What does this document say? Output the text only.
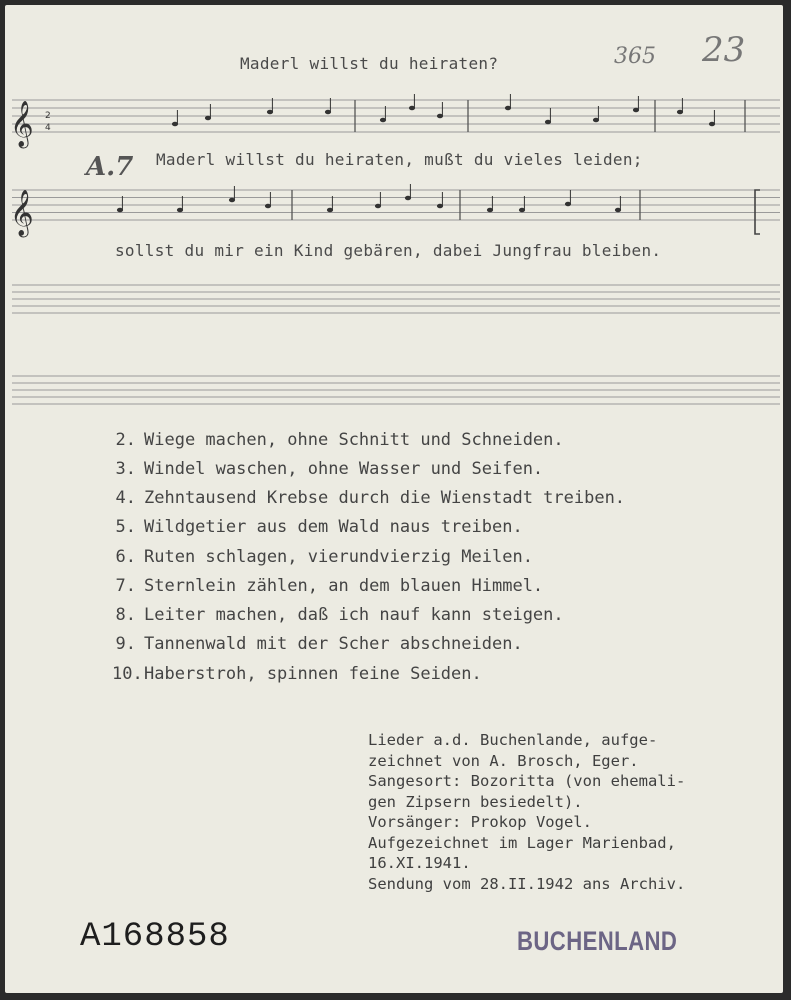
𝄞 2
4
𝄞
Maderl willst du heiraten?	365 23
A.7 Maderl willst du heiraten, mußt du vieles leiden;
sollst du mir ein Kind gebären, dabei Jungfrau bleiben.
2. Wiege machen, ohne Schnitt und Schneiden.
3. Windel waschen, ohne Wasser und Seifen.
4. Zehntausend Krebse durch die Wienstadt treiben.
5. Wildgetier aus dem Wald naus treiben.
6. Ruten schlagen, vierundvierzig Meilen.
7. Sternlein zählen, an dem blauen Himmel.
8. Leiter machen, daß ich nauf kann steigen.
9. Tannenwald mit der Scher abschneiden.
10.Haberstroh, spinnen feine Seiden.
Lieder a.d. Buchenlande, aufge-
zeichnet von A. Brosch, Eger.
Sangesort: Bozoritta (von ehemali-
gen Zipsern besiedelt).
Vorsänger: Prokop Vogel.
Aufgezeichnet im Lager Marienbad,
16.XI.1941.
Sendung vom 28.II.1942 ans Archiv.
A168858	BUCHENLAND
